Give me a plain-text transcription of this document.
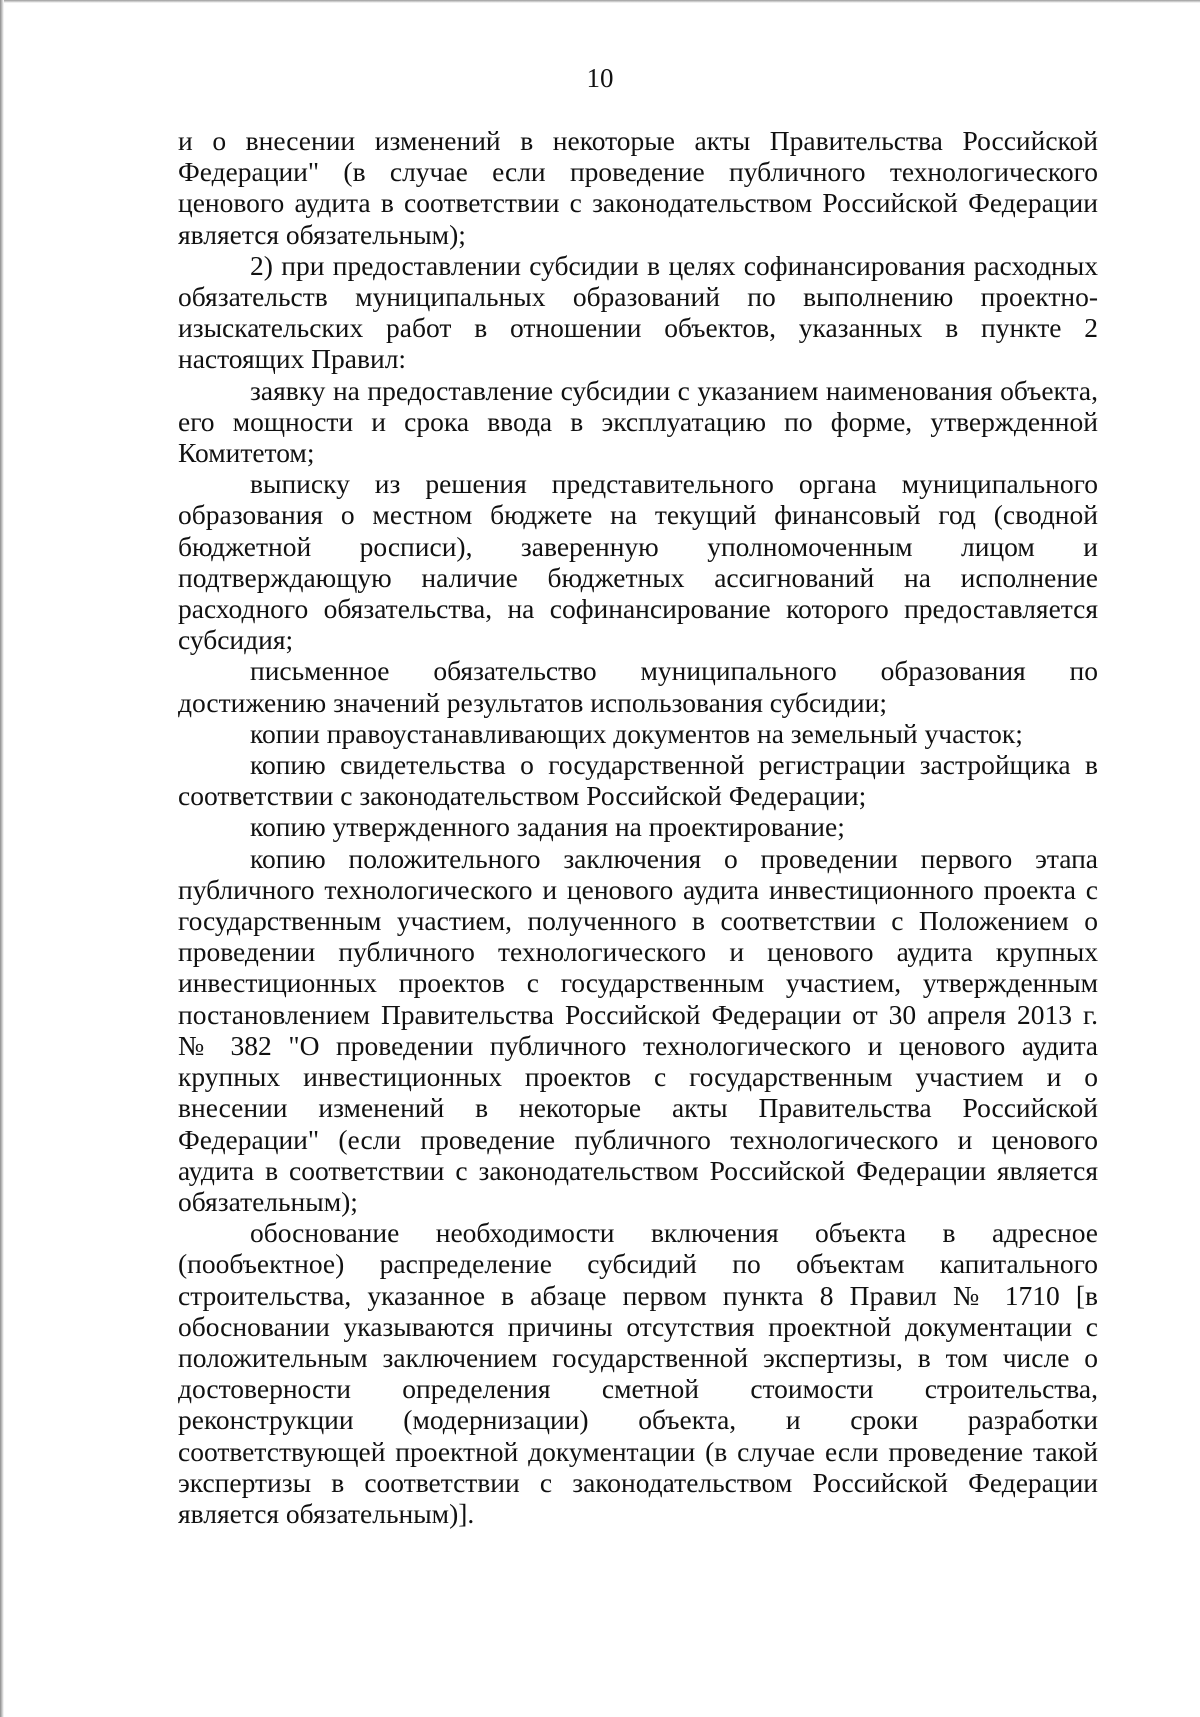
10

и о внесении изменений в некоторые акты Правительства Российской Федерации" (в случае если проведение публичного технологического ценового аудита в соответствии с законодательством Российской Федерации является обязательным);

2) при предоставлении субсидии в целях софинансирования расходных обязательств муниципальных образований по выполнению проектно-изыскательских работ в отношении объектов, указанных в пункте 2 настоящих Правил:

заявку на предоставление субсидии с указанием наименования объекта, его мощности и срока ввода в эксплуатацию по форме, утвержденной Комитетом;

выписку из решения представительного органа муниципального образования о местном бюджете на текущий финансовый год (сводной бюджетной росписи), заверенную уполномоченным лицом и подтверждающую наличие бюджетных ассигнований на исполнение расходного обязательства, на софинансирование которого предоставляется субсидия;

письменное обязательство муниципального образования по достижению значений результатов использования субсидии;

копии правоустанавливающих документов на земельный участок;

копию свидетельства о государственной регистрации застройщика в соответствии с законодательством Российской Федерации;

копию утвержденного задания на проектирование;

копию положительного заключения о проведении первого этапа публичного технологического и ценового аудита инвестиционного проекта с государственным участием, полученного в соответствии с Положением о проведении публичного технологического и ценового аудита крупных инвестиционных проектов с государственным участием, утвержденным постановлением Правительства Российской Федерации от 30 апреля 2013 г. № 382 "О проведении публичного технологического и ценового аудита крупных инвестиционных проектов с государственным участием и о внесении изменений в некоторые акты Правительства Российской Федерации" (если проведение публичного технологического и ценового аудита в соответствии с законодательством Российской Федерации является обязательным);

обоснование необходимости включения объекта в адресное (пообъектное) распределение субсидий по объектам капитального строительства, указанное в абзаце первом пункта 8 Правил № 1710 [в обосновании указываются причины отсутствия проектной документации с положительным заключением государственной экспертизы, в том числе о достоверности определения сметной стоимости строительства, реконструкции (модернизации) объекта, и сроки разработки соответствующей проектной документации (в случае если проведение такой экспертизы в соответствии с законодательством Российской Федерации является обязательным)].
